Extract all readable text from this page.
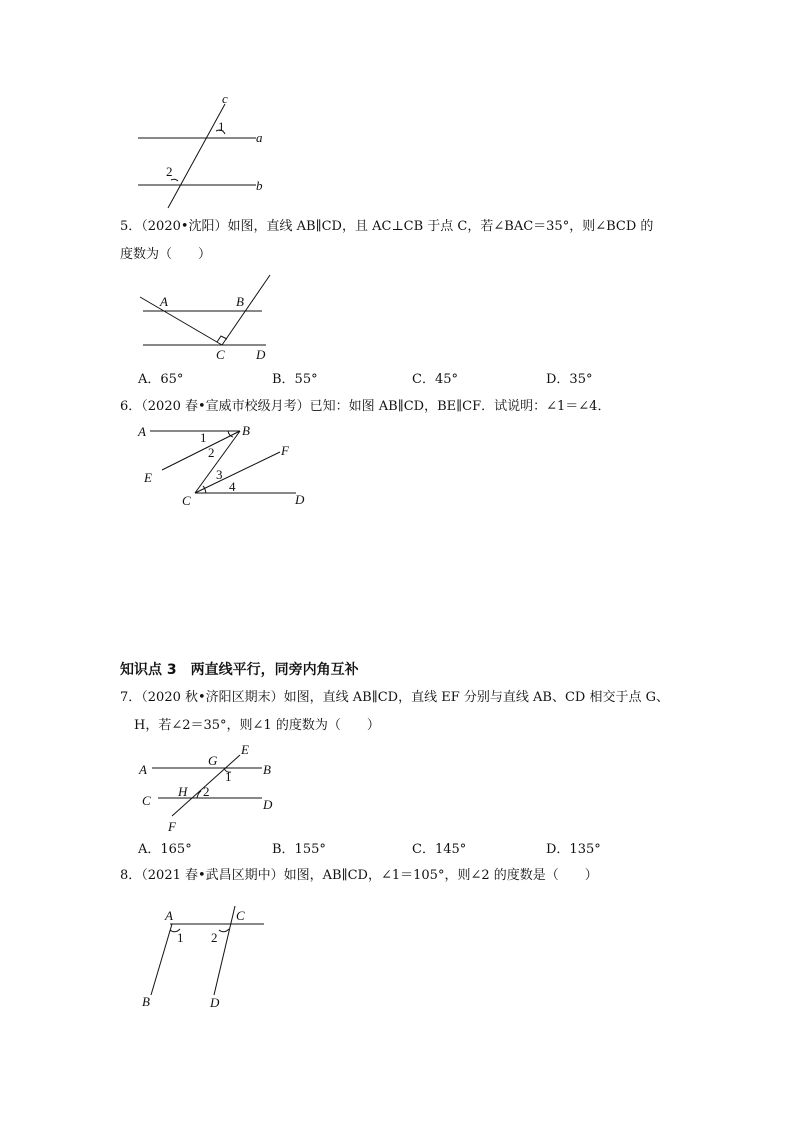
c
a
b
1
2
5．（2020•沈阳）如图，直线 AB∥CD，且 AC⊥CB 于点 C，若∠BAC＝35°，则∠BCD 的
度数为（　　）
A	B
C D
A．65°	B．55°	C．45°	D．35°
6．（2020 春•宣威市校级月考）已知：如图 AB∥CD，BE∥CF．试说明：∠1＝∠4．
A	B
E
F
C	D
1
2
3
4
知识点 3　两直线平行，同旁内角互补
7．（2020 秋•济阳区期末）如图，直线 AB∥CD，直线 EF 分别与直线 AB、CD 相交于点 G、
H，若∠2＝35°，则∠1 的度数为（　　）
A	B
C	D
E
F
G
H
1
2
A．165°	B．155°	C．145°	D．135°
8．（2021 春•武昌区期中）如图，AB∥CD，∠1＝105°，则∠2 的度数是（　　）
A	C
B	D
1 2
